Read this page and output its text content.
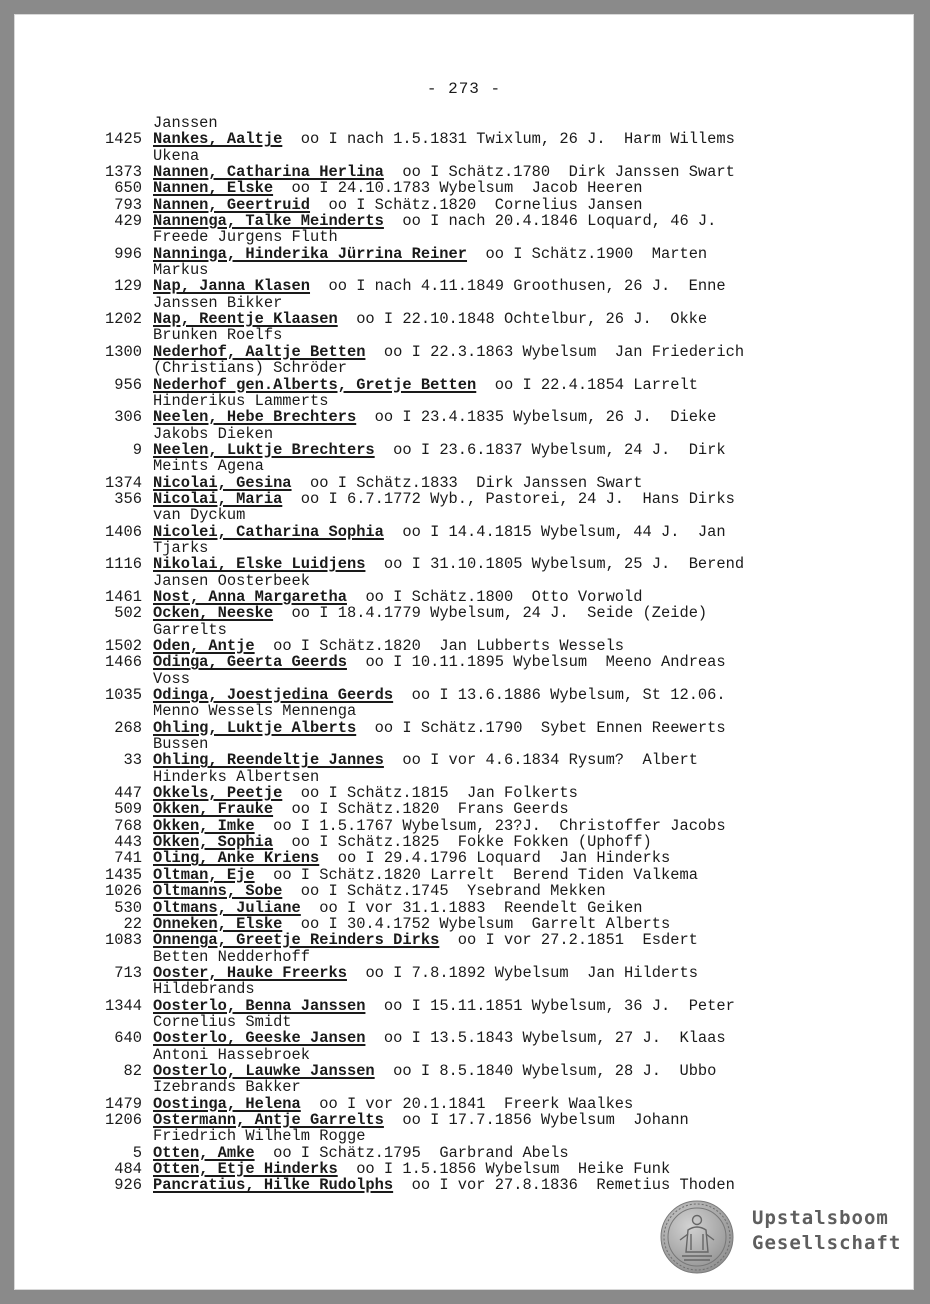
- 273 -
Janssen
1425 Nankes, Aaltje  oo I nach 1.5.1831 Twixlum, 26 J.  Harm Willems
Ukena
1373 Nannen, Catharina Herlina  oo I Schätz.1780  Dirk Janssen Swart
650 Nannen, Elske  oo I 24.10.1783 Wybelsum  Jacob Heeren
793 Nannen, Geertruid  oo I Schätz.1820  Cornelius Jansen
429 Nannenga, Talke Meinderts  oo I nach 20.4.1846 Loquard, 46 J.
Freede Jurgens Fluth
996 Nanninga, Hinderika Jürrina Reiner  oo I Schätz.1900  Marten
Markus
129 Nap, Janna Klasen  oo I nach 4.11.1849 Groothusen, 26 J.  Enne
Janssen Bikker
1202 Nap, Reentje Klaasen  oo I 22.10.1848 Ochtelbur, 26 J.  Okke
Brunken Roelfs
1300 Nederhof, Aaltje Betten  oo I 22.3.1863 Wybelsum  Jan Friederich
(Christians) Schröder
956 Nederhof gen.Alberts, Gretje Betten  oo I 22.4.1854 Larrelt
Hinderikus Lammerts
306 Neelen, Hebe Brechters  oo I 23.4.1835 Wybelsum, 26 J.  Dieke
Jakobs Dieken
9 Neelen, Luktje Brechters  oo I 23.6.1837 Wybelsum, 24 J.  Dirk
Meints Agena
1374 Nicolai, Gesina  oo I Schätz.1833  Dirk Janssen Swart
356 Nicolai, Maria  oo I 6.7.1772 Wyb., Pastorei, 24 J.  Hans Dirks
van Dyckum
1406 Nicolei, Catharina Sophia  oo I 14.4.1815 Wybelsum, 44 J.  Jan
Tjarks
1116 Nikolai, Elske Luidjens  oo I 31.10.1805 Wybelsum, 25 J.  Berend
Jansen Oosterbeek
1461 Nost, Anna Margaretha  oo I Schätz.1800  Otto Vorwold
502 Ocken, Neeske  oo I 18.4.1779 Wybelsum, 24 J.  Seide (Zeide)
Garrelts
1502 Oden, Antje  oo I Schätz.1820  Jan Lubberts Wessels
1466 Odinga, Geerta Geerds  oo I 10.11.1895 Wybelsum  Meeno Andreas
Voss
1035 Odinga, Joestjedina Geerds  oo I 13.6.1886 Wybelsum, St 12.06.
Menno Wessels Mennenga
268 Ohling, Luktje Alberts  oo I Schätz.1790  Sybet Ennen Reewerts
Bussen
33 Ohling, Reendeltje Jannes  oo I vor 4.6.1834 Rysum?  Albert
Hinderks Albertsen
447 Okkels, Peetje  oo I Schätz.1815  Jan Folkerts
509 Okken, Frauke  oo I Schätz.1820  Frans Geerds
768 Okken, Imke  oo I 1.5.1767 Wybelsum, 23?J.  Christoffer Jacobs
443 Okken, Sophia  oo I Schätz.1825  Fokke Fokken (Uphoff)
741 Oling, Anke Kriens  oo I 29.4.1796 Loquard  Jan Hinderks
1435 Oltman, Eje  oo I Schätz.1820 Larrelt  Berend Tiden Valkema
1026 Oltmanns, Sobe  oo I Schätz.1745  Ysebrand Mekken
530 Oltmans, Juliane  oo I vor 31.1.1883  Reendelt Geiken
22 Onneken, Elske  oo I 30.4.1752 Wybelsum  Garrelt Alberts
1083 Onnenga, Greetje Reinders Dirks  oo I vor 27.2.1851  Esdert
Betten Nedderhoff
713 Ooster, Hauke Freerks  oo I 7.8.1892 Wybelsum  Jan Hilderts
Hildebrands
1344 Oosterlo, Benna Janssen  oo I 15.11.1851 Wybelsum, 36 J.  Peter
Cornelius Smidt
640 Oosterlo, Geeske Jansen  oo I 13.5.1843 Wybelsum, 27 J.  Klaas
Antoni Hassebroek
82 Oosterlo, Lauwke Janssen  oo I 8.5.1840 Wybelsum, 28 J.  Ubbo
Izebrands Bakker
1479 Oostinga, Helena  oo I vor 20.1.1841  Freerk Waalkes
1206 Ostermann, Antje Garrelts  oo I 17.7.1856 Wybelsum  Johann
Friedrich Wilhelm Rogge
5 Otten, Amke  oo I Schätz.1795  Garbrand Abels
484 Otten, Etje Hinderks  oo I 1.5.1856 Wybelsum  Heike Funk
926 Pancratius, Hilke Rudolphs  oo I vor 27.8.1836  Remetius Thoden
Upstalsboom
Gesellschaft
